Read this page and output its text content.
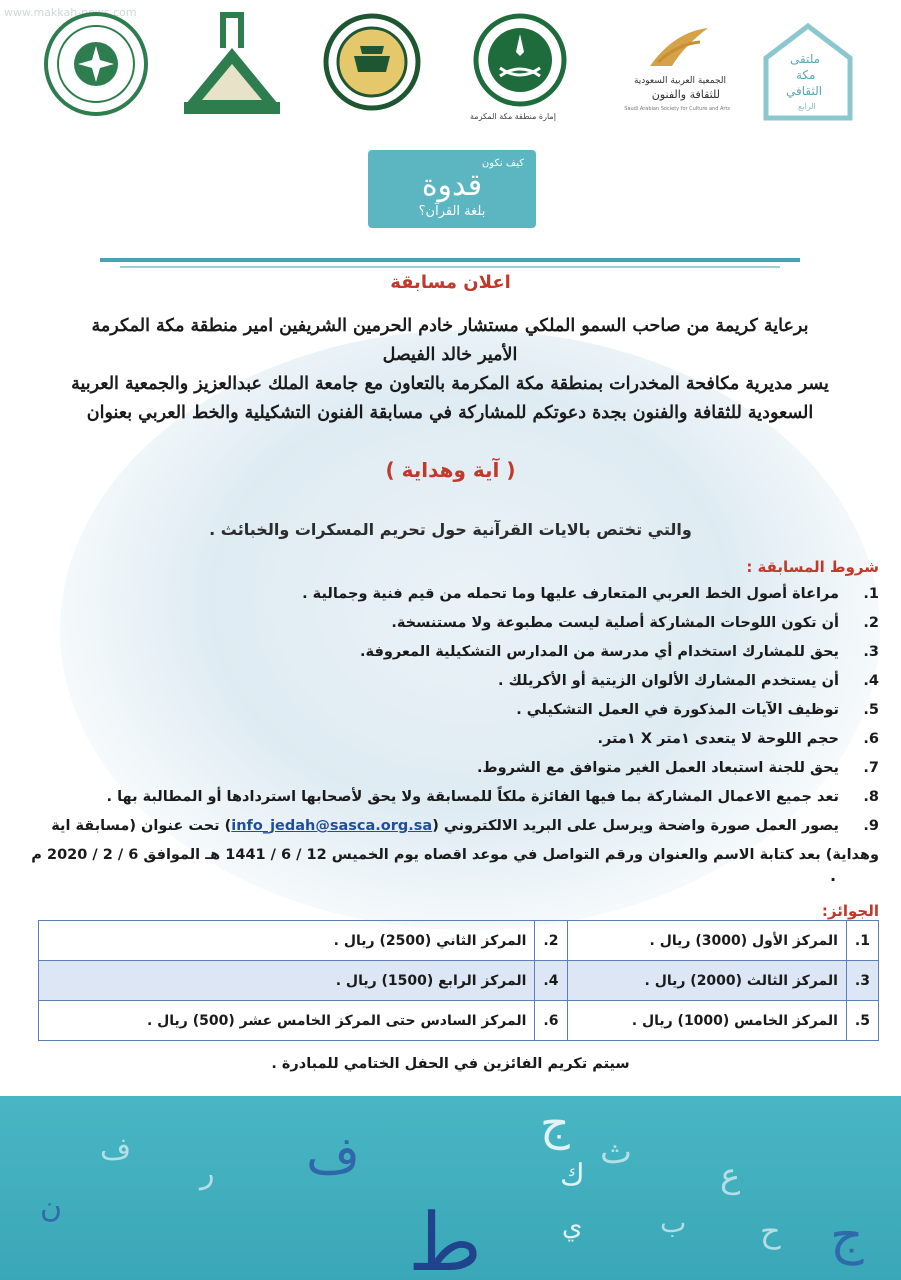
www.makkah-news.com
إمارة منطقة مكة المكرمة
الجمعية العربية السعودية
للثقافة والفنون
Saudi Arabian Society for Culture and Arts
ملتقى
مكة
الثقافي
الرابع
كيف نكون
قدوة
بلغة القرآن؟
اعلان مسابقة
برعاية كريمة من صاحب السمو الملكي مستشار خادم الحرمين الشريفين امير منطقة مكة المكرمة
الأمير خالد الفيصل
يسر مديرية مكافحة المخدرات بمنطقة مكة المكرمة بالتعاون مع جامعة الملك عبدالعزيز والجمعية العربية
السعودية للثقافة والفنون بجدة دعوتكم للمشاركة في مسابقة الفنون التشكيلية والخط العربي بعنوان
( آية وهداية )
والتي تختص بالايات القرآنية حول تحريم المسكرات والخبائث .
شروط المسابقة :
1.
مراعاة أصول الخط العربي المتعارف عليها وما تحمله من قيم فنية وجمالية .
2.
أن تكون اللوحات المشاركة أصلية ليست مطبوعة ولا مستنسخة.
3.
يحق للمشارك استخدام أي مدرسة من المدارس التشكيلية المعروفة.
4.
أن يستخدم المشارك الألوان الزيتية أو الأكريلك .
5.
توظيف الآيات المذكورة في العمل التشكيلي .
6.
حجم اللوحة لا يتعدى ١متر X ١متر.
7.
يحق للجنة استبعاد العمل الغير متوافق مع الشروط.
8.
تعد جميع الاعمال المشاركة بما فيها الفائزة ملكاً للمسابقة ولا يحق لأصحابها استردادها أو المطالبة بها .
9.
يصور العمل صورة واضحة ويرسل على البريد الالكتروني (info_jedah@sasca.org.sa) تحت عنوان (مسابقة اية
وهداية) بعد كتابة الاسم والعنوان ورقم التواصل في موعد اقصاه يوم الخميس 12 / 6 / 1441 هـ الموافق 6 / 2 / 2020 م
.
الجوائز:
1.	المركز الأول (3000) ريال .	2.	المركز الثاني (2500) ريال .
3.	المركز الثالث (2000) ريال .	4.	المركز الرابع (1500) ريال .
5.	المركز الخامس (1000) ريال .	6.	المركز السادس حتى المركز الخامس عشر (500) ريال .
سيتم تكريم الفائزين في الحفل الختامي للمبادرة .
ج
ك
ف
ط	ي
ث
ن
ر	ع
ب ح
ف
ج
